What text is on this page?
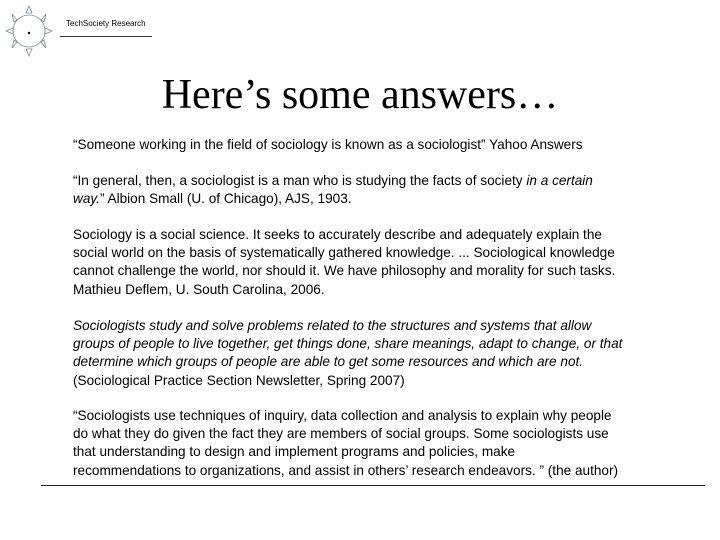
TechSociety Research
Here’s some answers…

“Someone working in the field of sociology is known as a sociologist” Yahoo Answers

“In general, then, a sociologist is a man who is studying the facts of society in a certain
way.” Albion Small (U. of Chicago), AJS, 1903.

Sociology is a social science. It seeks to accurately describe and adequately explain the
social world on the basis of systematically gathered knowledge. ... Sociological knowledge
cannot challenge the world, nor should it. We have philosophy and morality for such tasks.
Mathieu Deflem, U. South Carolina, 2006.

Sociologists study and solve problems related to the structures and systems that allow
groups of people to live together, get things done, share meanings, adapt to change, or that
determine which groups of people are able to get some resources and which are not.
(Sociological Practice Section Newsletter, Spring 2007)

“Sociologists use techniques of inquiry, data collection and analysis to explain why people
do what they do given the fact they are members of social groups. Some sociologists use
that understanding to design and implement programs and policies, make
recommendations to organizations, and assist in others’ research endeavors. ” (the author)
